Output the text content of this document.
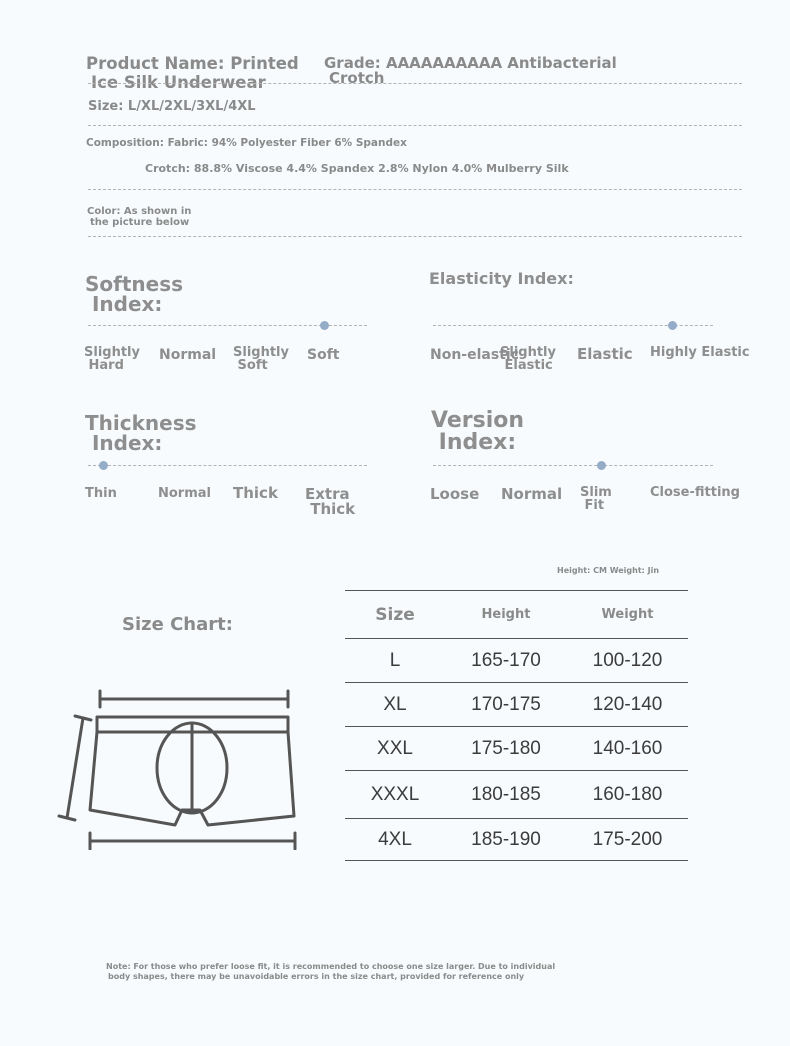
Product Name: Printed
Ice Silk Underwear
Grade: AAAAAAAAAA Antibacterial
Crotch
Size: L/XL/2XL/3XL/4XL
Composition: Fabric: 94% Polyester Fiber 6% Spandex
Crotch: 88.8% Viscose 4.4% Spandex 2.8% Nylon 4.0% Mulberry Silk
Color: As shown in
the picture below
Softness
Index:
Slightly
Hard
Normal Slightly
Soft
Soft
Elasticity Index:
Non-elastic
Slightly
Elastic
Elastic Highly Elastic
Thickness
Index:
Thin	Normal Thick Extra
Thick
Version
Index:
Loose Normal Slim
Fit
Close-fitting
Size Chart:
Height: CM Weight: Jin
Size	Height	Weight
L	165-170	100-120
XL	170-175	120-140
XXL	175-180	140-160
XXXL	180-185	160-180
4XL	185-190	175-200
Note: For those who prefer loose fit, it is recommended to choose one size larger. Due to individual
body shapes, there may be unavoidable errors in the size chart, provided for reference only
